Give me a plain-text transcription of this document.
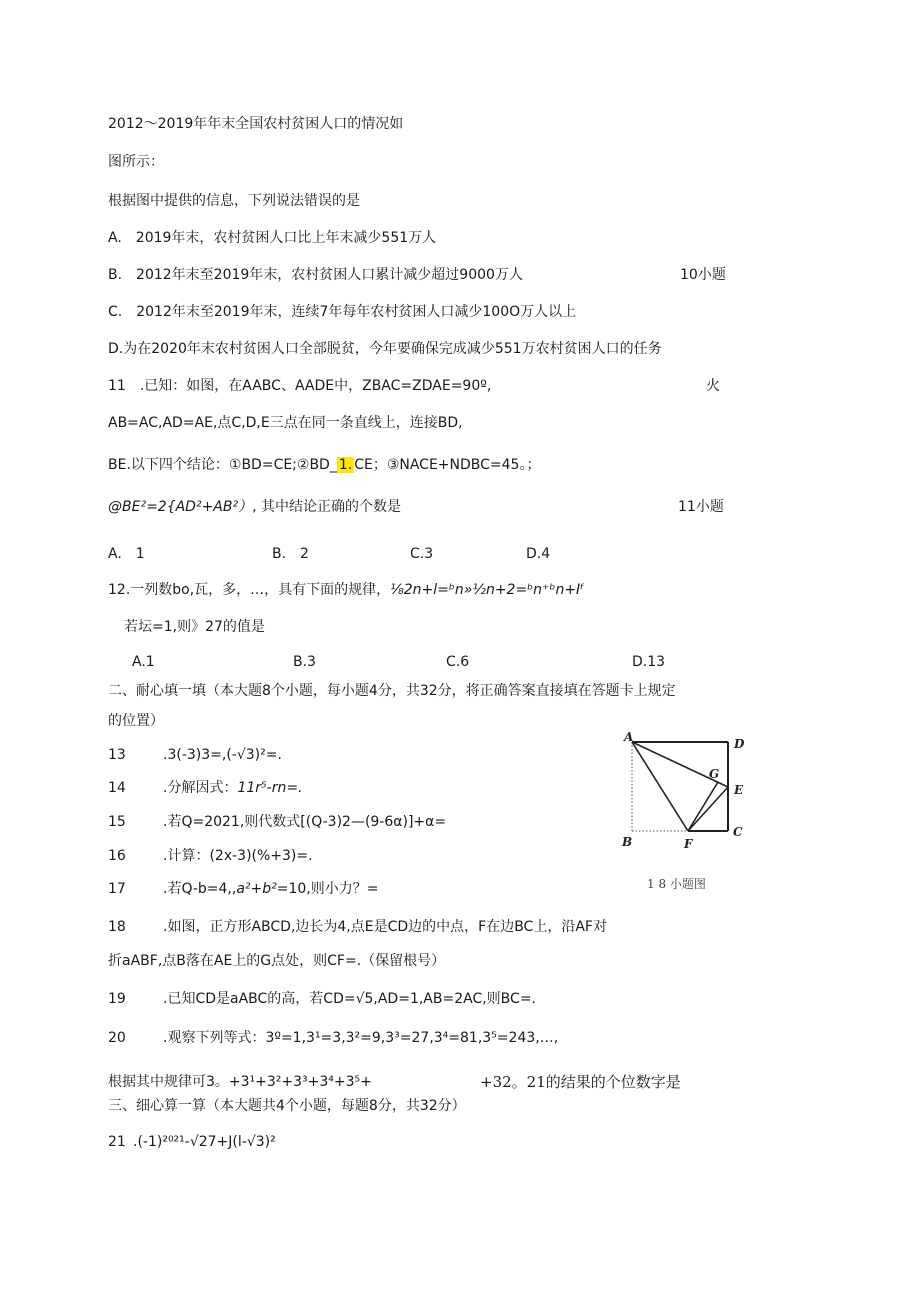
2012～2019年年末全国农村贫困人口的情况如
图所示：
根据图中提供的信息，下列说法错误的是
A.　2019年末，农村贫困人口比上年末减少551万人
B.　2012年末至2019年末，农村贫困人口累计减少超过9000万人	10小题
C.　2012年末至2019年末，连续7年每年农村贫困人口减少100O万人以上
D.为在2020年末农村贫困人口全部脱贫，今年要确保完成减少551万农村贫困人口的任务
11　.已知：如图，在AABC、AADE中，ZBAC=ZDAE=90º,	火
AB=AC,AD=AE,点C,D,E三点在同一条直线上，连接BD,
BE.以下四个结论：①BD=CE;②BD_ 1. CE；③NACE+NDBC=45。；
@BE²=2{AD²+AB²）, 其中结论正确的个数是	11小题
A.　1	B.　2	C.3	D.4
12.一列数bo,瓦，多，…，具有下面的规律，⅛2n+l=ᵇn»½n+2=ᵇn⁺ᵇn+Iᶠ
若坛=1,则》27的值是
A.1	B.3	C.6	D.13
二、耐心填一填（本大题8个小题，每小题4分，共32分，将正确答案直接填在答题卡上规定
的位置）
13	.3(-3)3=,(-√3)²=.
14	.分解因式：11r⁵-rn=.
15	.若Q=2021,则代数式[(Q-3)2—(9-6α)]+α=
16	.计算：(2x-3)(%+3)=.
17	.若Q-b=4,,a²+b²=10,则小力？=
18	.如图，正方形ABCD,边长为4,点E是CD边的中点，F在边BC上，沿AF对
折aABF,点B落在AE上的G点处，则CF=.（保留根号）
19	.已知CD是aABC的高，若CD=√5,AD=1,AB=2AC,则BC=.
20	.观察下列等式：3º=1,3¹=3,3²=9,3³=27,3⁴=81,3⁵=243,…,
根据其中规律可3。+3¹+3²+3³+3⁴+3⁵+	+32。21的结果的个位数字是
三、细心算一算（本大题共4个小题，每题8分，共32分）
21 .(-1)²⁰²¹-√27+J(l-√3)²
A	D
G
E
C
B	F
1 8 小题图
